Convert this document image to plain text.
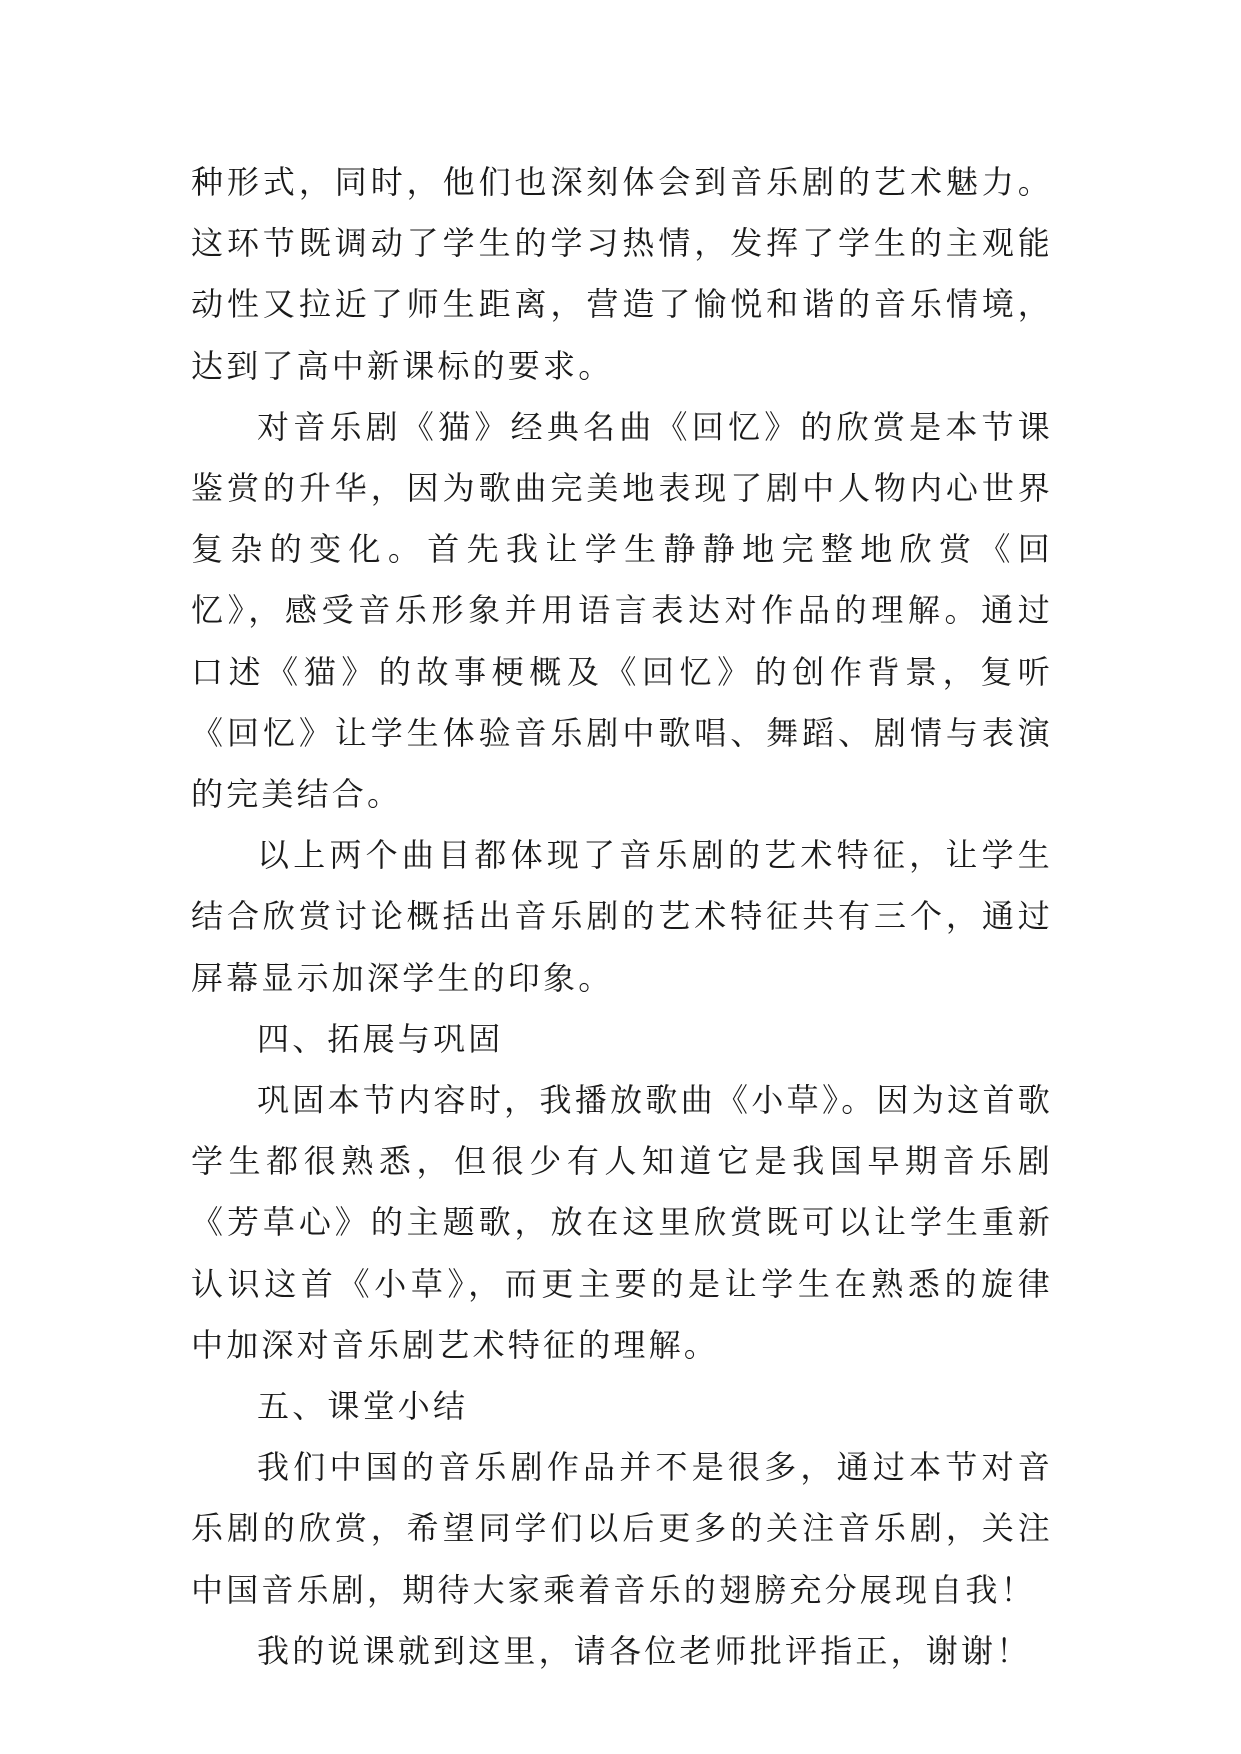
种形式，同时，他们也深刻体会到音乐剧的艺术魅力。这环节既调动了学生的学习热情，发挥了学生的主观能动性又拉近了师生距离，营造了愉悦和谐的音乐情境，达到了高中新课标的要求。

对音乐剧《猫》经典名曲《回忆》的欣赏是本节课鉴赏的升华，因为歌曲完美地表现了剧中人物内心世界复杂的变化。首先我让学生静静地完整地欣赏《回忆》，感受音乐形象并用语言表达对作品的理解。通过口述《猫》的故事梗概及《回忆》的创作背景，复听《回忆》让学生体验音乐剧中歌唱、舞蹈、剧情与表演的完美结合。

以上两个曲目都体现了音乐剧的艺术特征，让学生结合欣赏讨论概括出音乐剧的艺术特征共有三个，通过屏幕显示加深学生的印象。

四、拓展与巩固

巩固本节内容时，我播放歌曲《小草》。因为这首歌学生都很熟悉，但很少有人知道它是我国早期音乐剧《芳草心》的主题歌，放在这里欣赏既可以让学生重新认识这首《小草》，而更主要的是让学生在熟悉的旋律中加深对音乐剧艺术特征的理解。

五、课堂小结

我们中国的音乐剧作品并不是很多，通过本节对音乐剧的欣赏，希望同学们以后更多的关注音乐剧，关注中国音乐剧，期待大家乘着音乐的翅膀充分展现自我！

我的说课就到这里，请各位老师批评指正，谢谢！
